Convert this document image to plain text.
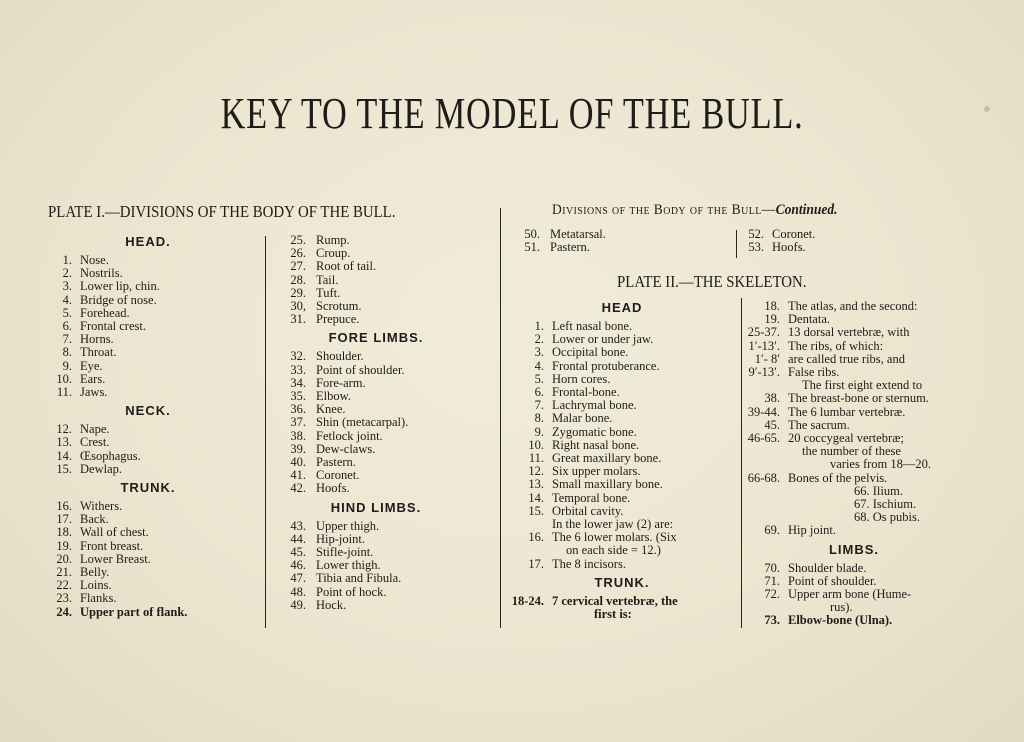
KEY TO THE MODEL OF THE BULL.
PLATE I.—DIVISIONS OF THE BODY OF THE BULL.
HEAD.
1. Nose.
2. Nostrils.
3. Lower lip, chin.
4. Bridge of nose.
5. Forehead.
6. Frontal crest.
7. Horns.
8. Throat.
9. Eye.
10. Ears.
11. Jaws.
NECK.
12. Nape.
13. Crest.
14. Œsophagus.
15. Dewlap.
TRUNK.
16. Withers.
17. Back.
18. Wall of chest.
19. Front breast.
20. Lower Breast.
21. Belly.
22. Loins.
23. Flanks.
24. Upper part of flank.
25. Rump.
26. Croup.
27. Root of tail.
28. Tail.
29. Tuft.
30, Scrotum.
31. Prepuce.
FORE LIMBS.
32. Shoulder.
33. Point of shoulder.
34. Fore-arm.
35. Elbow.
36. Knee.
37. Shin (metacarpal).
38. Fetlock joint.
39. Dew-claws.
40. Pastern.
41. Coronet.
42. Hoofs.
HIND LIMBS.
43. Upper thigh.
44. Hip-joint.
45. Stifle-joint.
46. Lower thigh.
47. Tibia and Fibula.
48. Point of hock.
49. Hock.
Divisions of the Body of the Bull—Continued.
50. Metatarsal.
51. Pastern.
52. Coronet.
53. Hoofs.
PLATE II.—THE SKELETON.
HEAD
1. Left nasal bone.
2. Lower or under jaw.
3. Occipital bone.
4. Frontal protuberance.
5. Horn cores.
6. Frontal-bone.
7. Lachrymal bone.
8. Malar bone.
9. Zygomatic bone.
10. Right nasal bone.
11. Great maxillary bone.
12. Six upper molars.
13. Small maxillary bone.
14. Temporal bone.
15. Orbital cavity.
In the lower jaw (2) are:
16. The 6 lower molars. (Six
on each side = 12.)
17. The 8 incisors.
TRUNK.
18-24. 7 cervical vertebræ, the
first is:
18. The atlas, and the second:
19. Dentata.
25-37. 13 dorsal vertebræ, with
1′-13′. The ribs, of which:
1′- 8′ are called true ribs, and
9′-13′. False ribs.
The first eight extend to
38. The breast-bone or sternum.
39-44. The 6 lumbar vertebræ.
45. The sacrum.
46-65. 20 coccygeal vertebræ;
the number of these
varies from 18—20.
66-68. Bones of the pelvis.
66. Ilium.
67. Ischium.
68. Os pubis.
69. Hip joint.
LIMBS.
70. Shoulder blade.
71. Point of shoulder.
72. Upper arm bone (Hume-
rus).
73. Elbow-bone (Ulna).
